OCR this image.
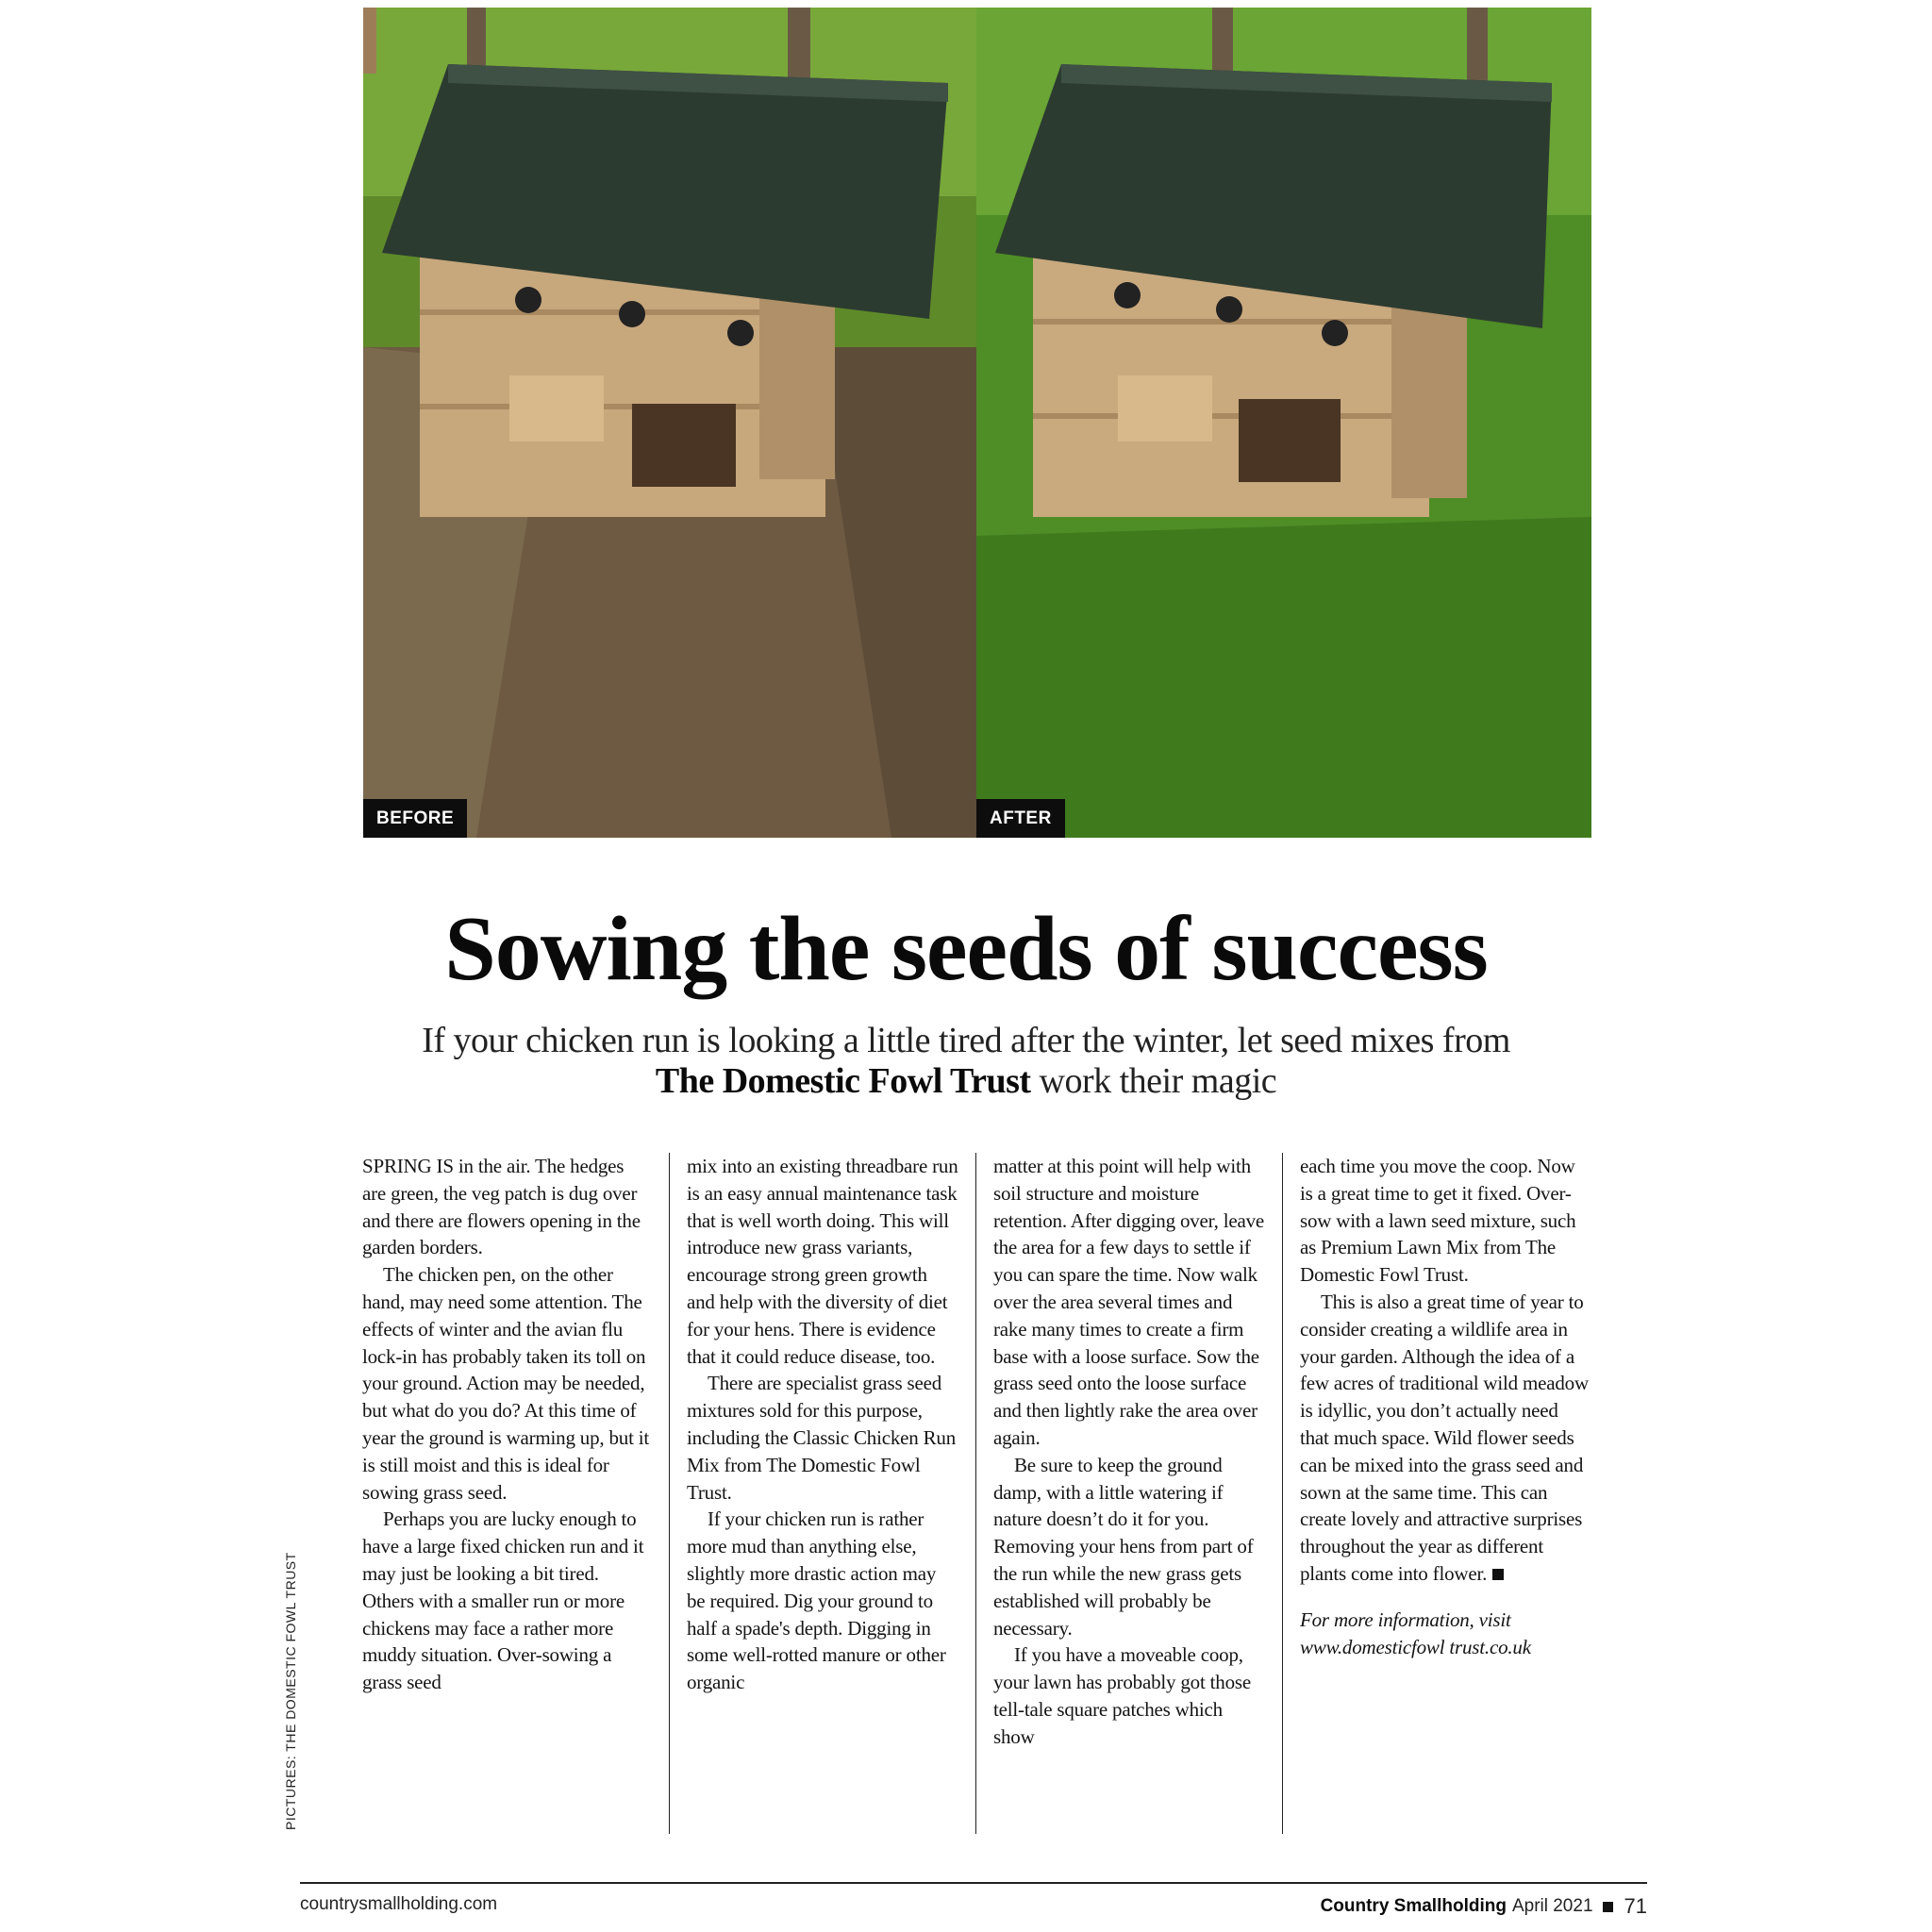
BEFORE	AFTER
Sowing the seeds of success

If your chicken run is looking a little tired after the winter, let seed mixes from The Domestic Fowl Trust work their magic

PICTURES: THE DOMESTIC FOWL TRUST

SPRING IS in the air. The hedges are green, the veg patch is dug over and there are flowers opening in the garden borders.

The chicken pen, on the other hand, may need some attention. The effects of winter and the avian flu lock-in has probably taken its toll on your ground. Action may be needed, but what do you do? At this time of year the ground is warming up, but it is still moist and this is ideal for sowing grass seed.

Perhaps you are lucky enough to have a large fixed chicken run and it may just be looking a bit tired. Others with a smaller run or more chickens may face a rather more muddy situation. Over-sowing a grass seed

mix into an existing threadbare run is an easy annual maintenance task that is well worth doing. This will introduce new grass variants, encourage strong green growth and help with the diversity of diet for your hens. There is evidence that it could reduce disease, too.

There are specialist grass seed mixtures sold for this purpose, including the Classic Chicken Run Mix from The Domestic Fowl Trust.

If your chicken run is rather more mud than anything else, slightly more drastic action may be required. Dig your ground to half a spade's depth. Digging in some well-rotted manure or other organic

matter at this point will help with soil structure and moisture retention. After digging over, leave the area for a few days to settle if you can spare the time. Now walk over the area several times and rake many times to create a firm base with a loose surface. Sow the grass seed onto the loose surface and then lightly rake the area over again.

Be sure to keep the ground damp, with a little watering if nature doesn’t do it for you. Removing your hens from part of the run while the new grass gets established will probably be necessary.

If you have a moveable coop, your lawn has probably got those tell-tale square patches which show

each time you move the coop. Now is a great time to get it fixed. Over-sow with a lawn seed mixture, such as Premium Lawn Mix from The Domestic Fowl Trust.

This is also a great time of year to consider creating a wildlife area in your garden. Although the idea of a few acres of traditional wild meadow is idyllic, you don’t actually need that much space. Wild flower seeds can be mixed into the grass seed and sown at the same time. This can create lovely and attractive surprises throughout the year as different plants come into flower.

For more information, visit www.domesticfowl trust.co.uk

countrysmallholding.com	Country Smallholding April 2021 71
